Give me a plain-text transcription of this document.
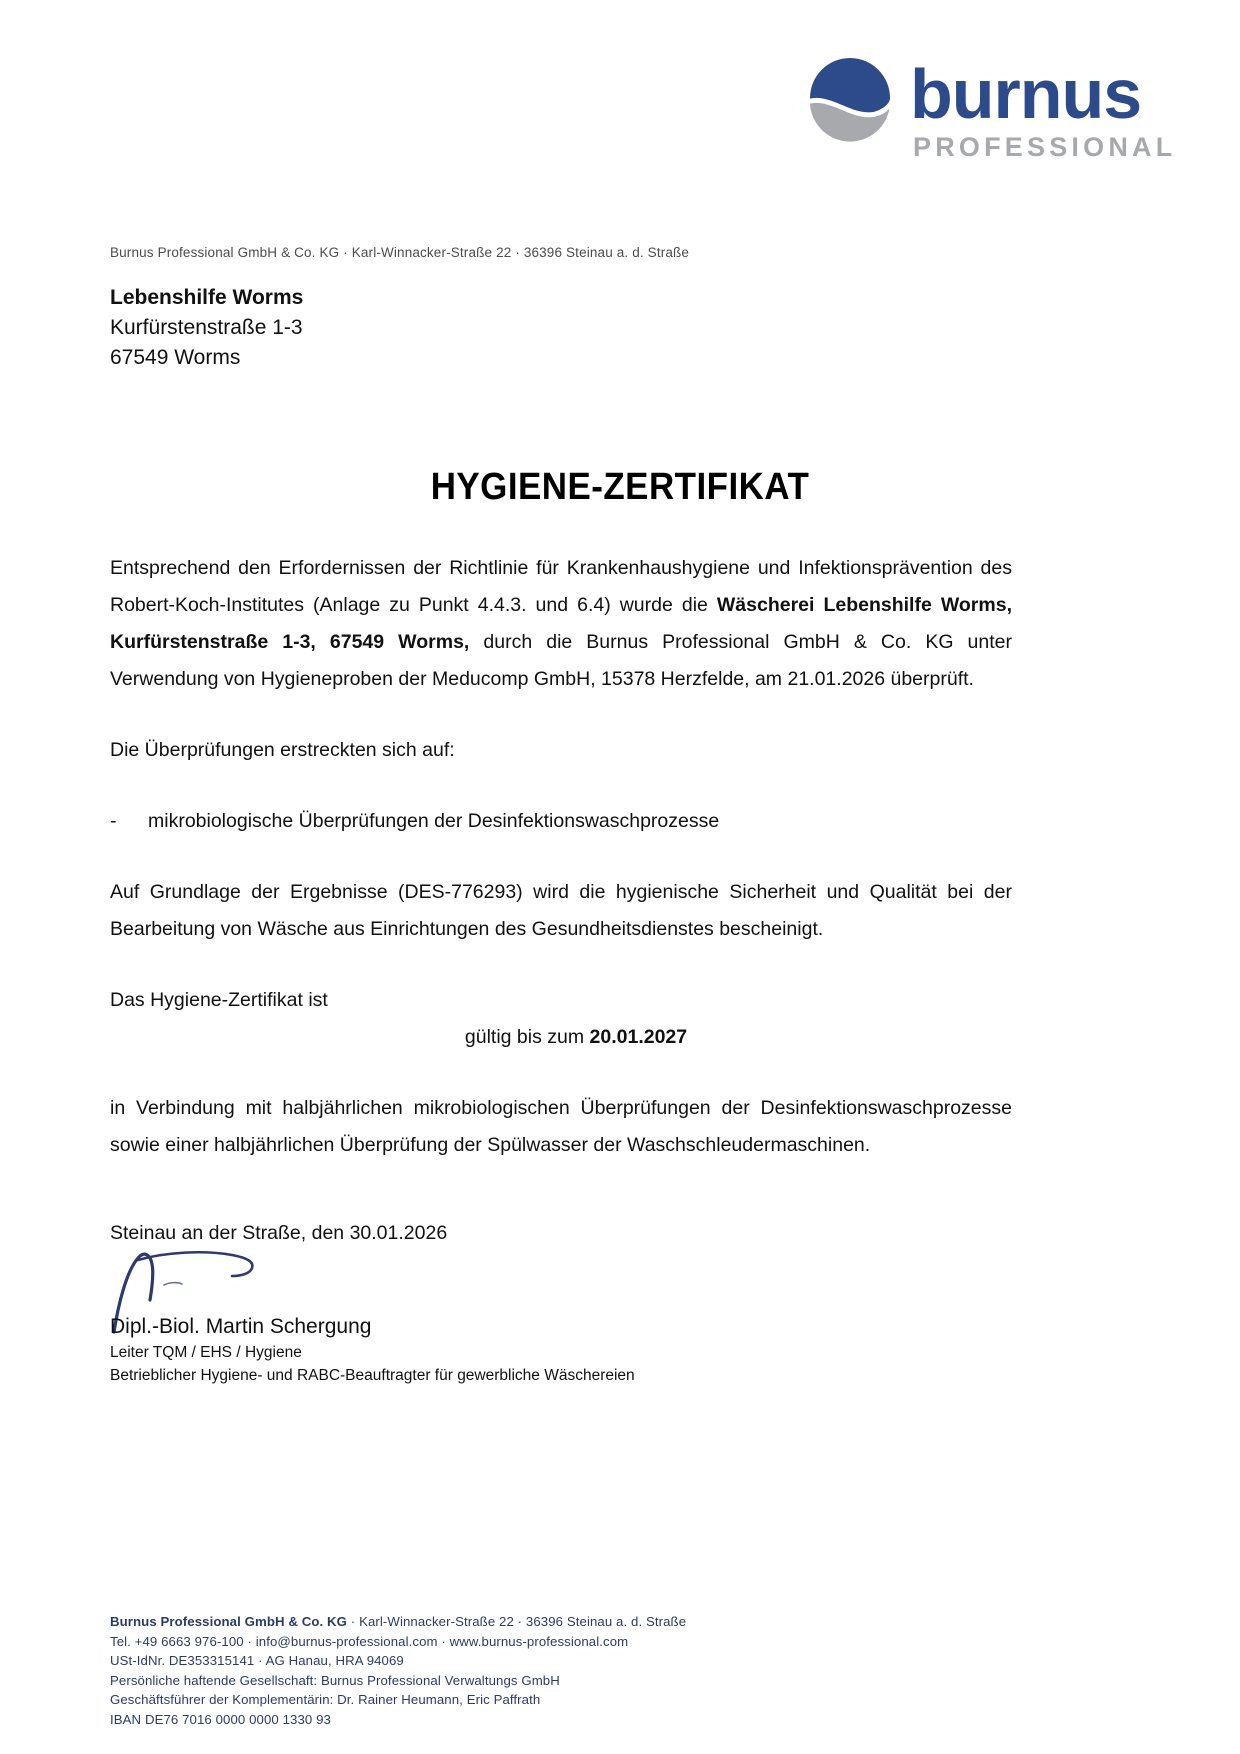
burnus
PROFESSIONAL
Burnus Professional GmbH & Co. KG · Karl-Winnacker-Straße 22 · 36396 Steinau a. d. Straße
Lebenshilfe Worms
Kurfürstenstraße 1-3
67549 Worms
HYGIENE-ZERTIFIKAT

Entsprechend den Erfordernissen der Richtlinie für Krankenhaushygiene und Infektionsprävention des Robert-Koch-Institutes (Anlage zu Punkt 4.4.3. und 6.4) wurde die Wäscherei Lebenshilfe Worms, Kurfürstenstraße 1-3, 67549 Worms, durch die Burnus Professional GmbH & Co. KG unter Verwendung von Hygieneproben der Meducomp GmbH, 15378 Herzfelde, am 21.01.2026 überprüft.

Die Überprüfungen erstreckten sich auf:

-	mikrobiologische Überprüfungen der Desinfektionswaschprozesse

Auf Grundlage der Ergebnisse (DES-776293) wird die hygienische Sicherheit und Qualität bei der Bearbeitung von Wäsche aus Einrichtungen des Gesundheitsdienstes bescheinigt.

Das Hygiene-Zertifikat ist

gültig bis zum 20.01.2027

in Verbindung mit halbjährlichen mikrobiologischen Überprüfungen der Desinfektionswaschprozesse sowie einer halbjährlichen Überprüfung der Spülwasser der Waschschleudermaschinen.

Steinau an der Straße, den 30.01.2026
Dipl.-Biol. Martin Schergung
Leiter TQM / EHS / Hygiene
Betrieblicher Hygiene- und RABC-Beauftragter für gewerbliche Wäschereien
Burnus Professional GmbH & Co. KG · Karl-Winnacker-Straße 22 · 36396 Steinau a. d. Straße
Tel. +49 6663 976-100 · info@burnus-professional.com · www.burnus-professional.com
USt-IdNr. DE353315141 · AG Hanau, HRA 94069
Persönliche haftende Gesellschaft: Burnus Professional Verwaltungs GmbH
Geschäftsführer der Komplementärin: Dr. Rainer Heumann, Eric Paffrath
IBAN DE76 7016 0000 0000 1330 93
